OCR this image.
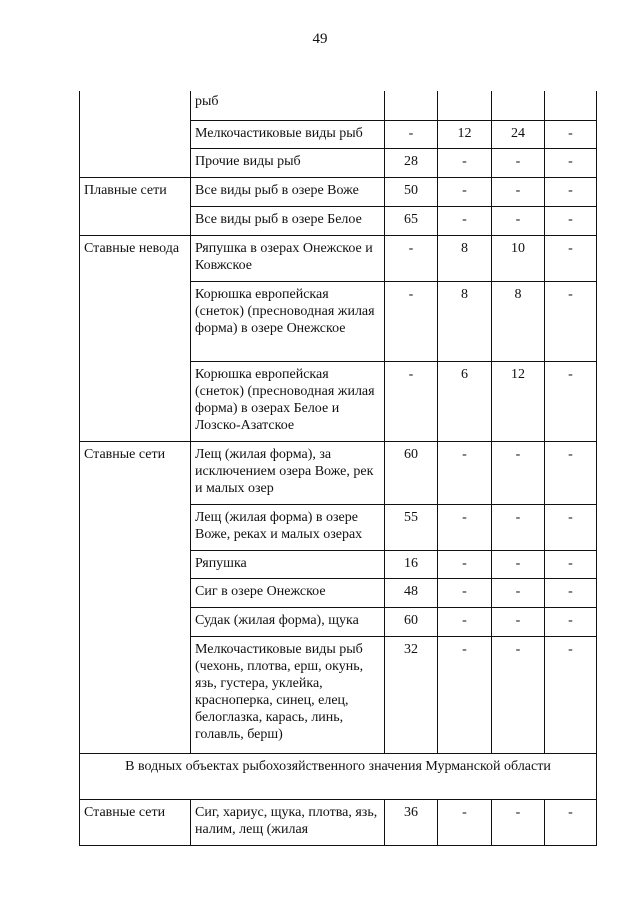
49

	рыб				

	Мелкочастиковые виды рыб	-	12	24	-

	Прочие виды рыб	28	-	-	-

Плавные сети	Все виды рыб в озере Воже	50	-	-	-

	Все виды рыб в озере Белое	65	-	-	-

Ставные невода	Ряпушка в озерах Онежское и Ковжское	-	8	10	-

	Корюшка европейская (снеток) (пресноводная жилая форма) в озере Онежское	-	8	8	-

	Корюшка европейская (снеток) (пресноводная жилая форма) в озерах Белое и Лозско-Азатское	-	6	12	-

Ставные сети	Лещ (жилая форма), за исключением озера Воже, рек и малых озер	60	-	-	-

	Лещ (жилая форма) в озере Воже, реках и малых озерах	55	-	-	-

	Ряпушка	16	-	-	-

	Сиг в озере Онежское	48	-	-	-

	Судак (жилая форма), щука	60	-	-	-

	Мелкочастиковые виды рыб (чехонь, плотва, ерш, окунь, язь, густера, уклейка, красноперка, синец, елец, белоглазка, карась, линь, голавль, берш)	32	-	-	-

В водных объектах рыбохозяйственного значения Мурманской области					

Ставные сети	Сиг, хариус, щука, плотва, язь, налим, лещ (жилая	36	-	-	-
